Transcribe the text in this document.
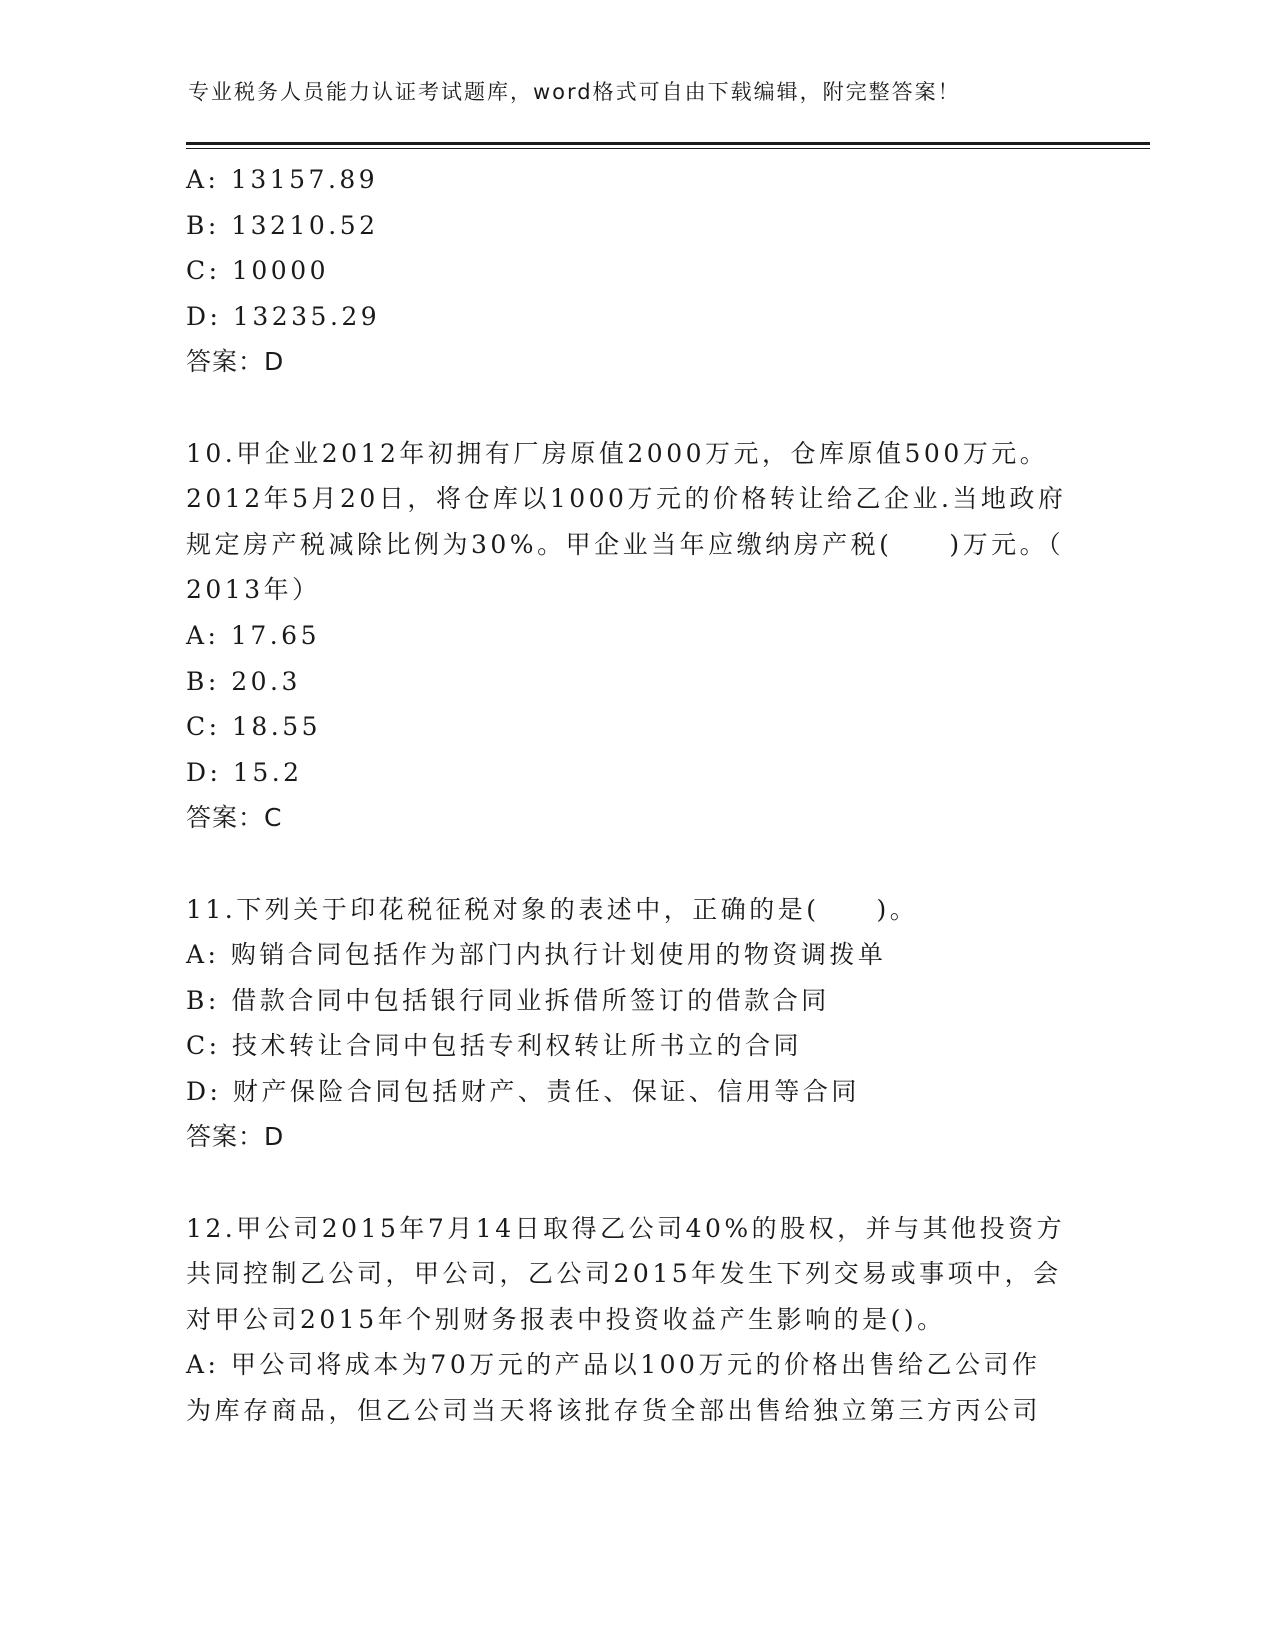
专业税务人员能力认证考试题库，word格式可自由下载编辑，附完整答案！
A: 13157.89
B: 13210.52
C: 10000
D: 13235.29
答案：D
10.甲企业2012年初拥有厂房原值2000万元，仓库原值500万元。
2012年5月20日，将仓库以1000万元的价格转让给乙企业.当地政府
规定房产税减除比例为30%。甲企业当年应缴纳房产税(　　)万元。（
2013年）
A: 17.65
B: 20.3
C: 18.55
D: 15.2
答案：C
11.下列关于印花税征税对象的表述中，正确的是(　　)。
A: 购销合同包括作为部门内执行计划使用的物资调拨单
B: 借款合同中包括银行同业拆借所签订的借款合同
C: 技术转让合同中包括专利权转让所书立的合同
D: 财产保险合同包括财产、责任、保证、信用等合同
答案：D
12.甲公司2015年7月14日取得乙公司40%的股权，并与其他投资方
共同控制乙公司，甲公司，乙公司2015年发生下列交易或事项中，会
对甲公司2015年个别财务报表中投资收益产生影响的是()。
A: 甲公司将成本为70万元的产品以100万元的价格出售给乙公司作
为库存商品，但乙公司当天将该批存货全部出售给独立第三方丙公司
